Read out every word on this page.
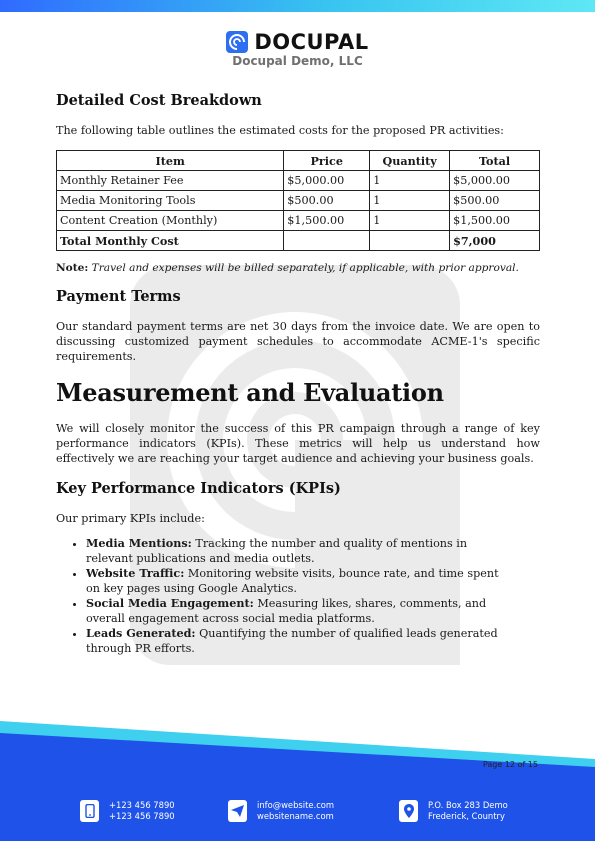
DOCUPAL
Docupal Demo, LLC
Detailed Cost Breakdown

The following table outlines the estimated costs for the proposed PR activities:

Item	Price	Quantity	Total
Monthly Retainer Fee	$5,000.00	1	$5,000.00
Media Monitoring Tools	$500.00	1	$500.00
Content Creation (Monthly)	$1,500.00	1	$1,500.00
Total Monthly Cost			$7,000

Note: Travel and expenses will be billed separately, if applicable, with prior approval.

Payment Terms

Our standard payment terms are net 30 days from the invoice date. We are open to discussing customized payment schedules to accommodate ACME-1's specific requirements.

Measurement and Evaluation

We will closely monitor the success of this PR campaign through a range of key performance indicators (KPIs). These metrics will help us understand how effectively we are reaching your target audience and achieving your business goals.

Key Performance Indicators (KPIs)

Our primary KPIs include:

• Media Mentions: Tracking the number and quality of mentions in relevant publications and media outlets.
• Website Traffic: Monitoring website visits, bounce rate, and time spent on key pages using Google Analytics.
• Social Media Engagement: Measuring likes, shares, comments, and overall engagement across social media platforms.
• Leads Generated: Quantifying the number of qualified leads generated through PR efforts.
Page 12 of 15
+123 456 7890
+123 456 7890
info@website.com
websitename.com
P.O. Box 283 Demo
Frederick, Country
